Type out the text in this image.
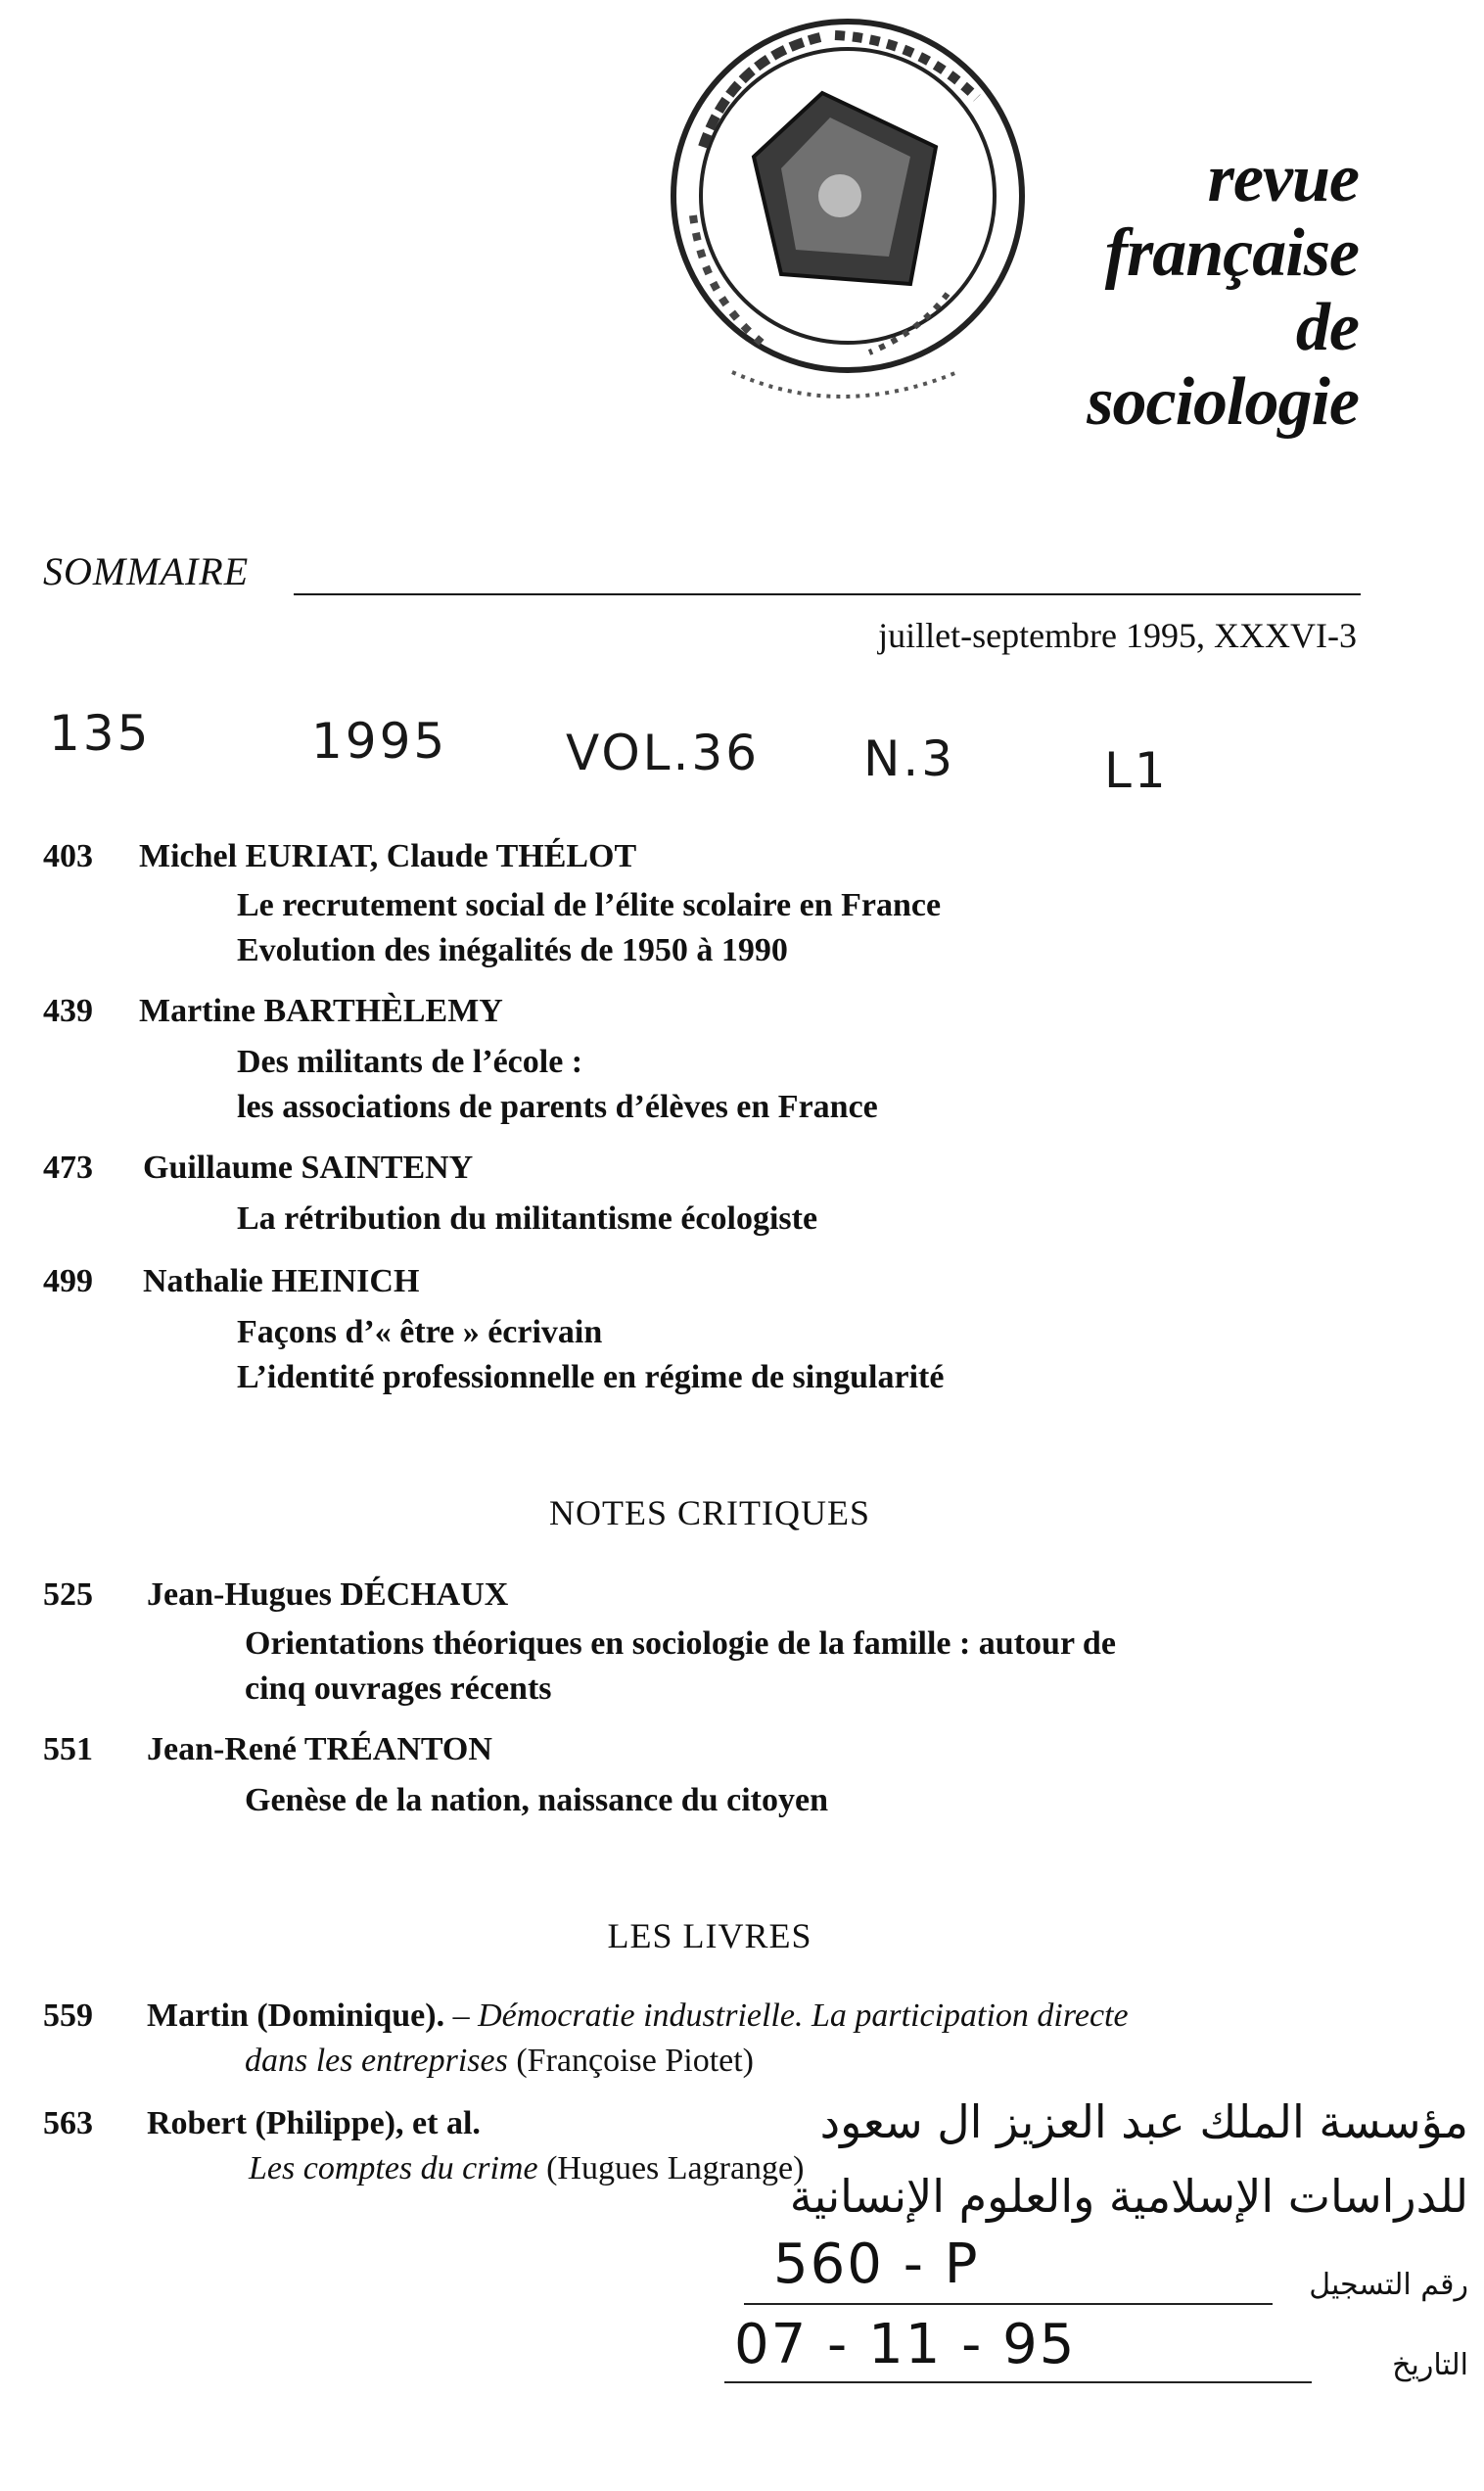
revue
française
de
sociologie
SOMMAIRE
juillet-septembre 1995, XXXVI-3
135	1995 VOL.36 N.3	L1
403 Michel EURIAT, Claude THÉLOT
Le recrutement social de l’élite scolaire en France
Evolution des inégalités de 1950 à 1990
439 Martine BARTHÈLEMY
Des militants de l’école :
les associations de parents d’élèves en France
473 Guillaume SAINTENY
La rétribution du militantisme écologiste
499 Nathalie HEINICH
Façons d’« être » écrivain
L’identité professionnelle en régime de singularité
NOTES CRITIQUES
525 Jean-Hugues DÉCHAUX
Orientations théoriques en sociologie de la famille : autour de
cinq ouvrages récents
551 Jean-René TRÉANTON
Genèse de la nation, naissance du citoyen
LES LIVRES
559 Martin (Dominique). – Démocratie industrielle. La participation directe
dans les entreprises (Françoise Piotet)
563 Robert (Philippe), et al.
Les comptes du crime (Hugues Lagrange)
مؤسسة الملك عبد العزيز ال سعود
للدراسات الإسلامية والعلوم الإنسانية
560 - P	رقم التسجيل
07 - 11 - 95	التاريخ
